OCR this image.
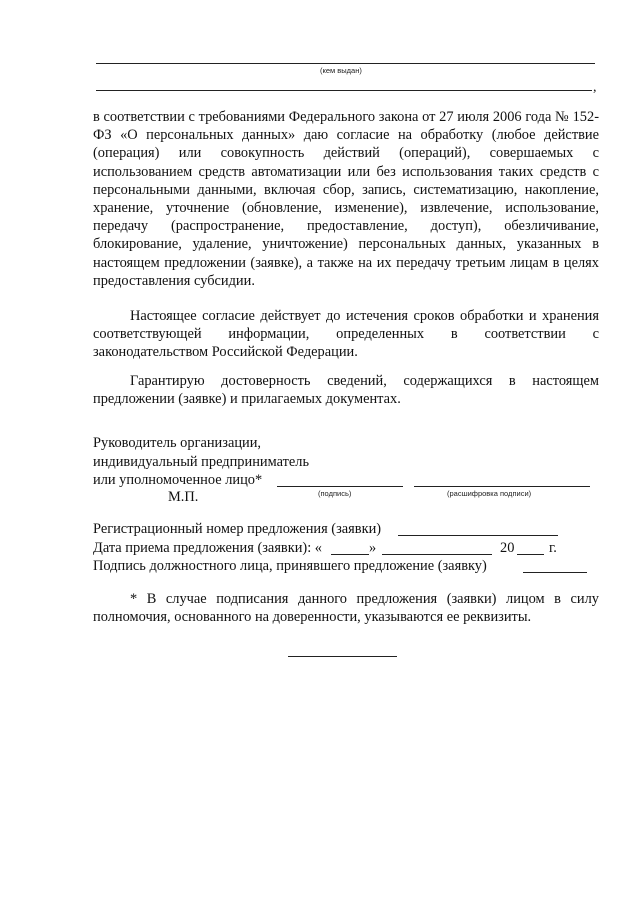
(кем выдан)
,

в соответствии с требованиями Федерального закона от 27 июля 2006 года № 152-ФЗ «О персональных данных» даю согласие на обработку (любое действие (операция) или совокупность действий (операций), совершаемых с использованием средств автоматизации или без использования таких средств с персональными данными, включая сбор, запись, систематизацию, накопление, хранение, уточнение (обновление, изменение), извлечение, использование, передачу (распространение, предоставление, доступ), обезличивание, блокирование, удаление, уничтожение) персональных данных, указанных в настоящем предложении (заявке), а также на их передачу третьим лицам в целях предоставления субсидии.

Настоящее согласие действует до истечения сроков обработки и хранения соответствующей информации, определенных в соответствии с законодательством Российской Федерации.

Гарантирую достоверность сведений, содержащихся в настоящем предложении (заявке) и прилагаемых документах.

Руководитель организации,
индивидуальный предприниматель
или уполномоченное лицо*
М.П.	(подпись)	(расшифровка подписи)
Регистрационный номер предложения (заявки)
Дата приема предложения (заявки): «	»	20 г.
Подпись должностного лица, принявшего предложение (заявку)

* В случае подписания данного предложения (заявки) лицом в силу полномочия, основанного на доверенности, указываются ее реквизиты.
